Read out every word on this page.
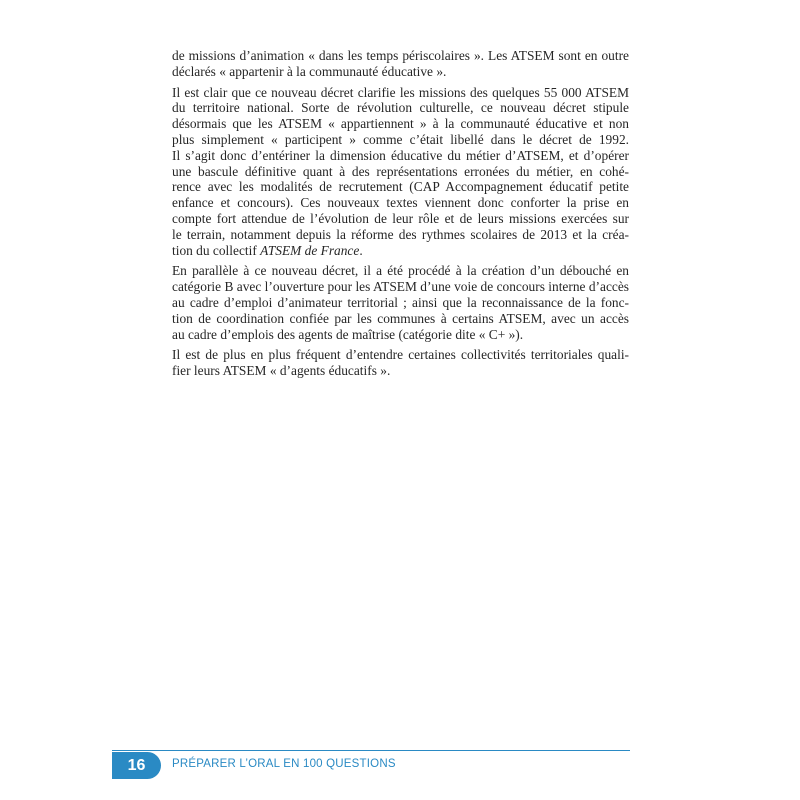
de missions d’animation « dans les temps périscolaires ». Les ATSEM sont en outre
déclarés « appartenir à la communauté éducative ».
Il est clair que ce nouveau décret clarifie les missions des quelques 55 000 ATSEM
du territoire national. Sorte de révolution culturelle, ce nouveau décret stipule
désormais que les ATSEM « appartiennent » à la communauté éducative et non
plus simplement « participent » comme c’était libellé dans le décret de 1992.
Il s’agit donc d’entériner la dimension éducative du métier d’ATSEM, et d’opérer
une bascule définitive quant à des représentations erronées du métier, en cohé-
rence avec les modalités de recrutement (CAP Accompagnement éducatif petite
enfance et concours). Ces nouveaux textes viennent donc conforter la prise en
compte fort attendue de l’évolution de leur rôle et de leurs missions exercées sur
le terrain, notamment depuis la réforme des rythmes scolaires de 2013 et la créa-
tion du collectif ATSEM de France.
En parallèle à ce nouveau décret, il a été procédé à la création d’un débouché en
catégorie B avec l’ouverture pour les ATSEM d’une voie de concours interne d’accès
au cadre d’emploi d’animateur territorial ; ainsi que la reconnaissance de la fonc-
tion de coordination confiée par les communes à certains ATSEM, avec un accès
au cadre d’emplois des agents de maîtrise (catégorie dite « C+ »).
Il est de plus en plus fréquent d’entendre certaines collectivités territoriales quali-
fier leurs ATSEM « d’agents éducatifs ».
16	PRÉPARER L’ORAL EN 100 QUESTIONS
